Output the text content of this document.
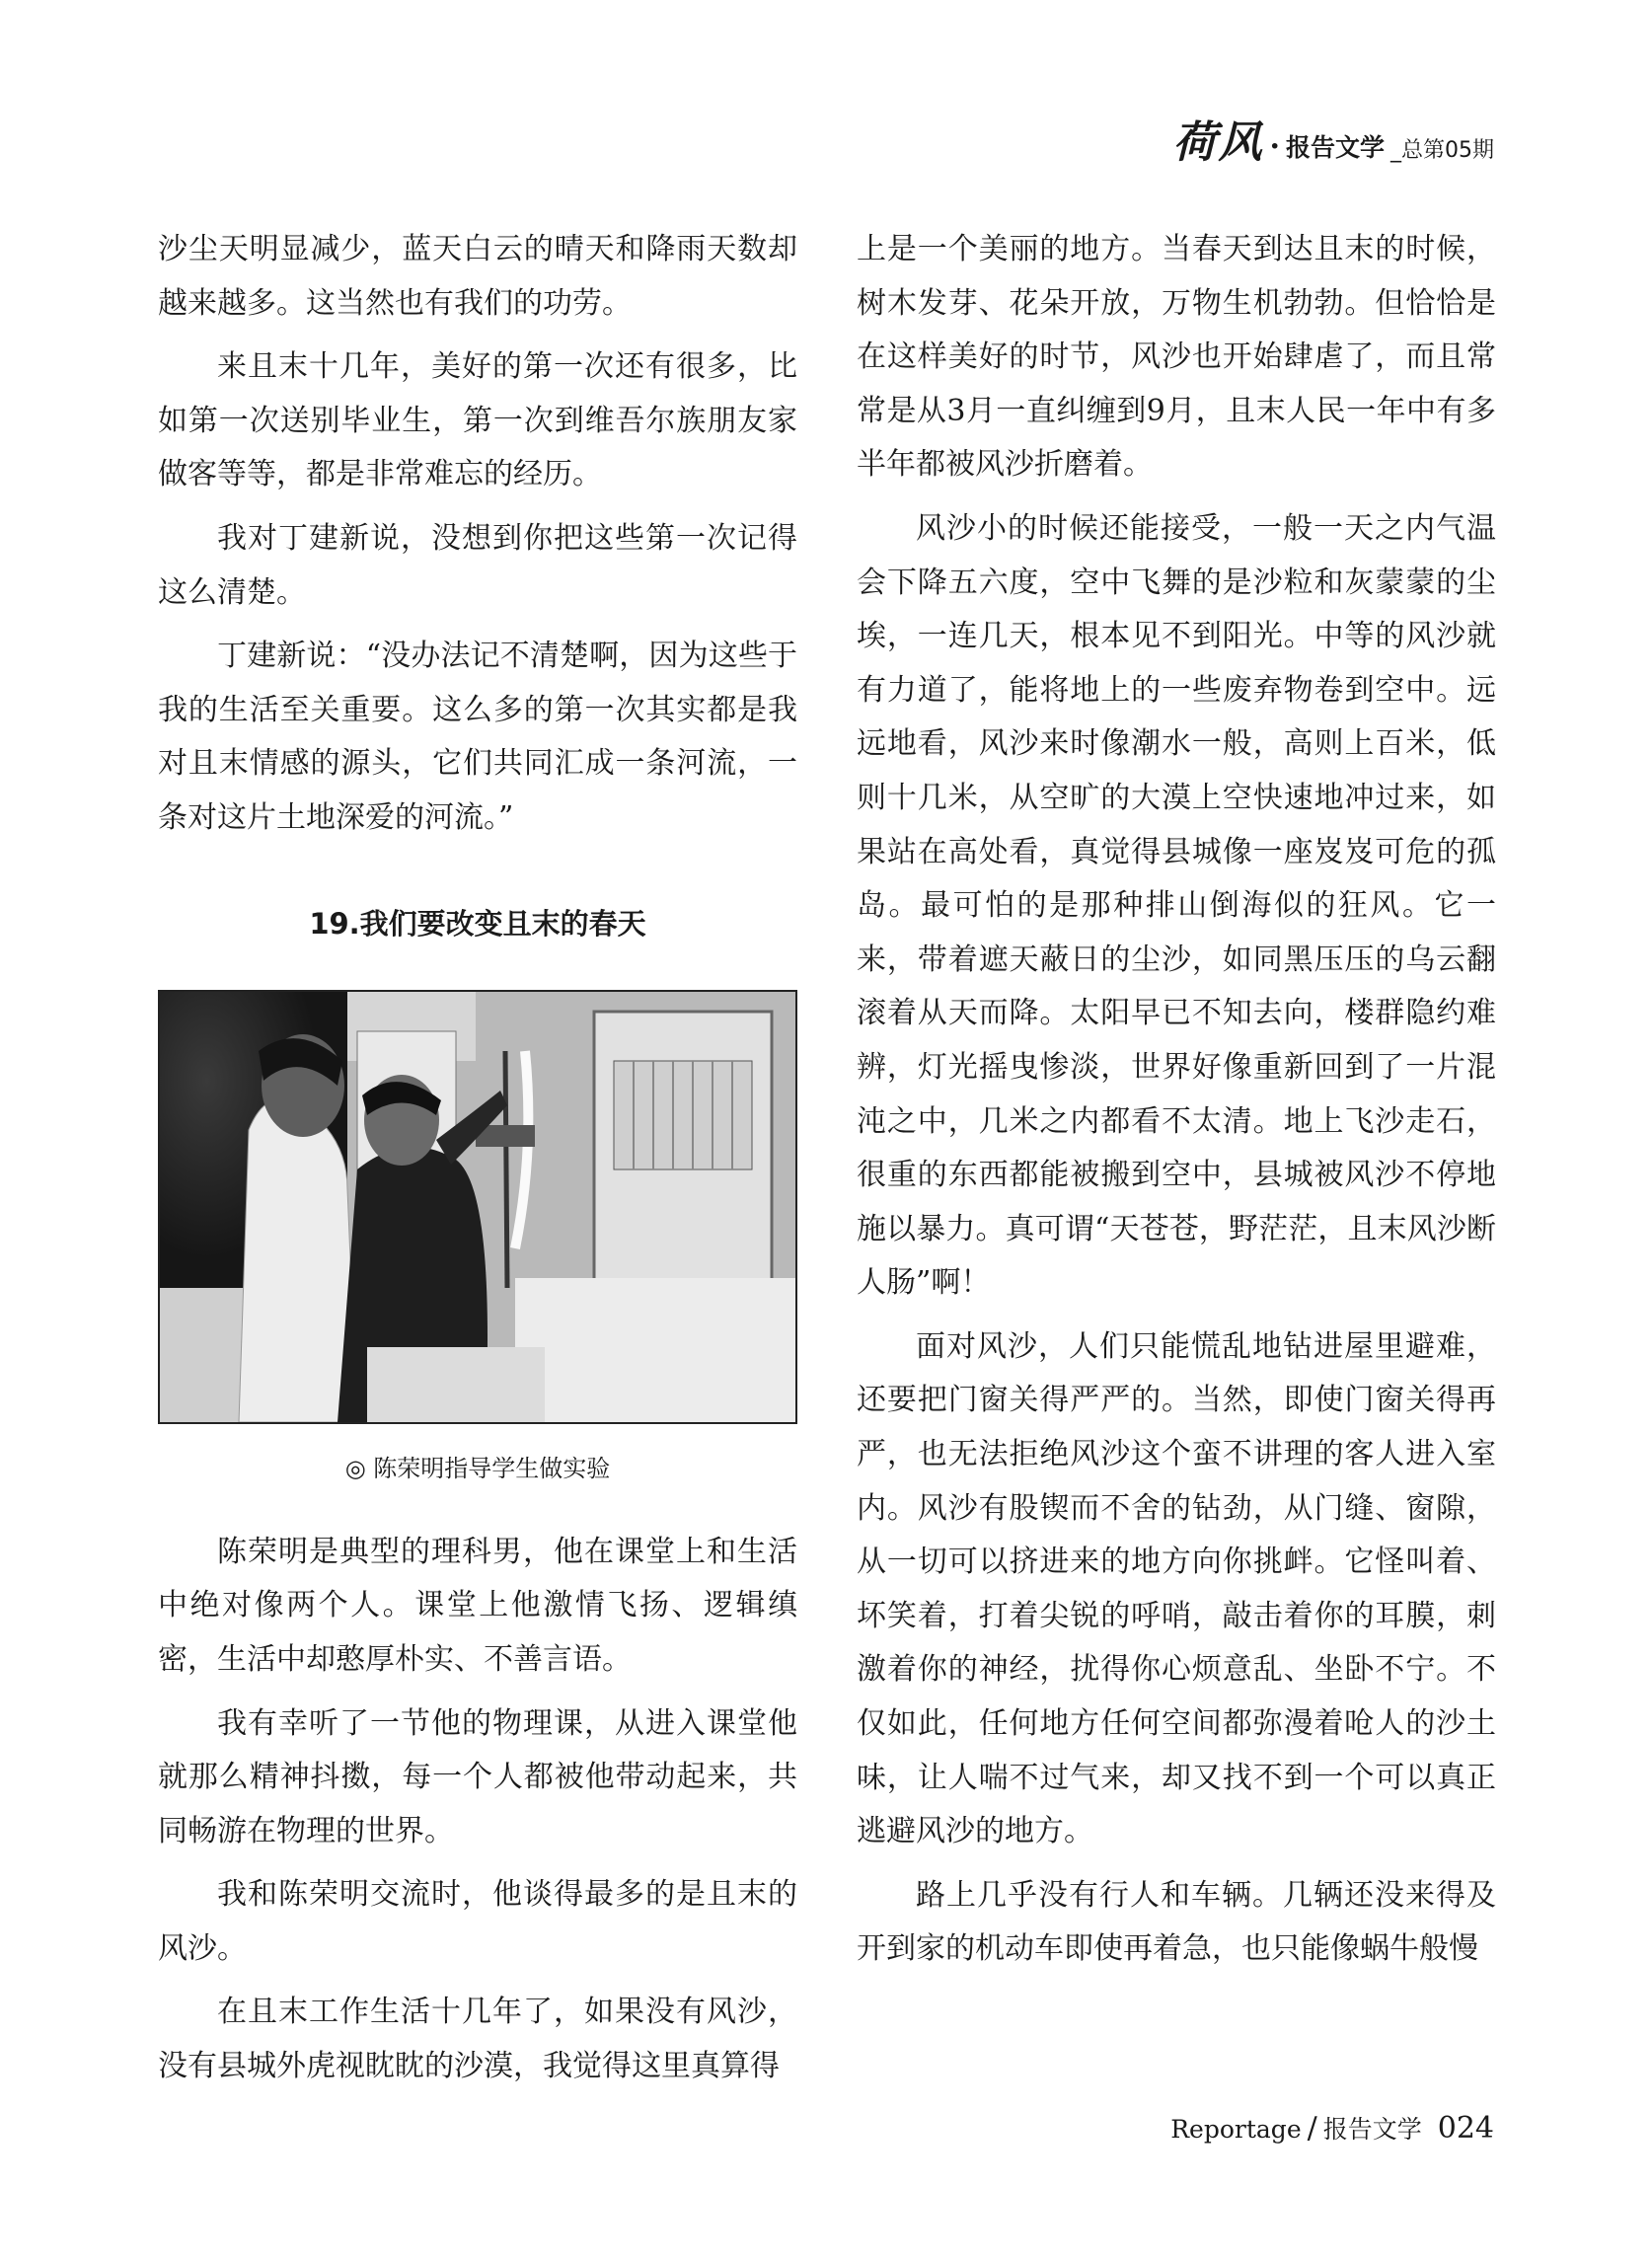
荷风 · 报告文学 _总第05期

沙尘天明显减少，蓝天白云的晴天和降雨天数却越来越多。这当然也有我们的功劳。

来且末十几年，美好的第一次还有很多，比如第一次送别毕业生，第一次到维吾尔族朋友家做客等等，都是非常难忘的经历。

我对丁建新说，没想到你把这些第一次记得这么清楚。

丁建新说：“没办法记不清楚啊，因为这些于我的生活至关重要。这么多的第一次其实都是我对且末情感的源头，它们共同汇成一条河流，一条对这片土地深爱的河流。”

19.我们要改变且末的春天

◎ 陈荣明指导学生做实验

陈荣明是典型的理科男，他在课堂上和生活中绝对像两个人。课堂上他激情飞扬、逻辑缜密，生活中却憨厚朴实、不善言语。

我有幸听了一节他的物理课，从进入课堂他就那么精神抖擞，每一个人都被他带动起来，共同畅游在物理的世界。

我和陈荣明交流时，他谈得最多的是且末的风沙。

在且末工作生活十几年了，如果没有风沙，没有县城外虎视眈眈的沙漠，我觉得这里真算得

上是一个美丽的地方。当春天到达且末的时候，树木发芽、花朵开放，万物生机勃勃。但恰恰是在这样美好的时节，风沙也开始肆虐了，而且常常是从3月一直纠缠到9月，且末人民一年中有多半年都被风沙折磨着。

风沙小的时候还能接受，一般一天之内气温会下降五六度，空中飞舞的是沙粒和灰蒙蒙的尘埃，一连几天，根本见不到阳光。中等的风沙就有力道了，能将地上的一些废弃物卷到空中。远远地看，风沙来时像潮水一般，高则上百米，低则十几米，从空旷的大漠上空快速地冲过来，如果站在高处看，真觉得县城像一座岌岌可危的孤岛。最可怕的是那种排山倒海似的狂风。它一来，带着遮天蔽日的尘沙，如同黑压压的乌云翻滚着从天而降。太阳早已不知去向，楼群隐约难辨，灯光摇曳惨淡，世界好像重新回到了一片混沌之中，几米之内都看不太清。地上飞沙走石，很重的东西都能被搬到空中，县城被风沙不停地施以暴力。真可谓“天苍苍，野茫茫，且末风沙断人肠”啊！

面对风沙，人们只能慌乱地钻进屋里避难，还要把门窗关得严严的。当然，即使门窗关得再严，也无法拒绝风沙这个蛮不讲理的客人进入室内。风沙有股锲而不舍的钻劲，从门缝、窗隙，从一切可以挤进来的地方向你挑衅。它怪叫着、坏笑着，打着尖锐的呼哨，敲击着你的耳膜，刺激着你的神经，扰得你心烦意乱、坐卧不宁。不仅如此，任何地方任何空间都弥漫着呛人的沙土味，让人喘不过气来，却又找不到一个可以真正逃避风沙的地方。

路上几乎没有行人和车辆。几辆还没来得及开到家的机动车即使再着急，也只能像蜗牛般慢

Reportage / 报告文学 024
